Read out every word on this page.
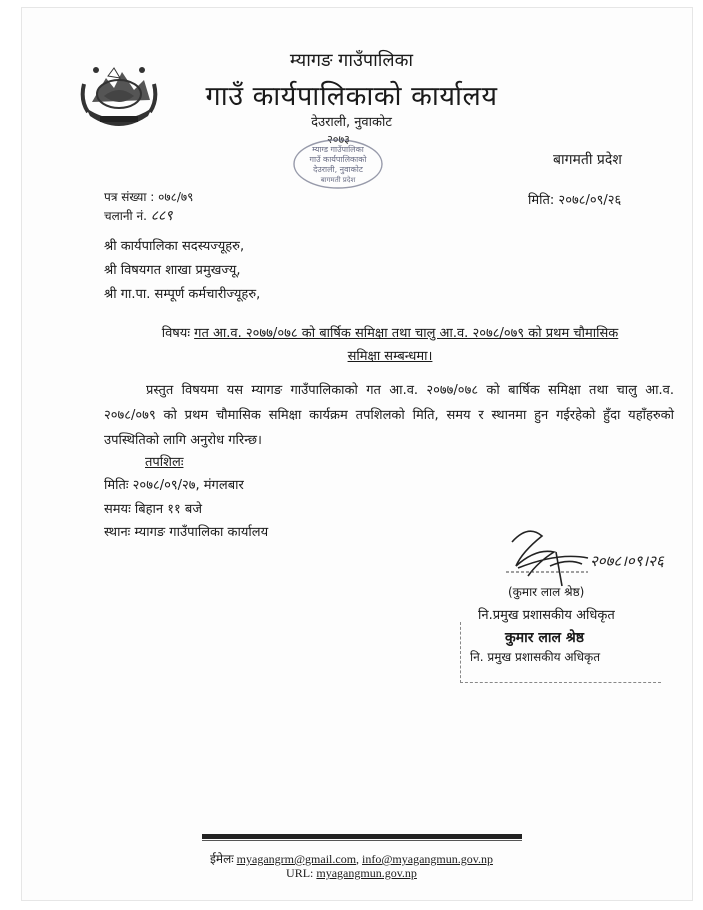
म्यागङ गाउँपालिका
गाउँ कार्यपालिकाको कार्यालय
देउराली, नुवाकोट
२०७३
म्याग्ड गाउँपालिका
गाउँ कार्यपालिकाको
देउराली, नुवाकोट
बागमती प्रदेश
बागमती प्रदेश
पत्र संख्या : ०७८/७९
चलानी नं. ८८९
मिति: २०७८/०९/२६
श्री कार्यपालिका सदस्यज्यूहरु,
श्री विषयगत शाखा प्रमुखज्यू,
श्री गा.पा. सम्पूर्ण कर्मचारीज्यूहरु,
विषयः गत आ.व. २०७७/०७८ को बार्षिक समिक्षा तथा चालु आ.व. २०७८/०७९ को प्रथम चौमासिक
समिक्षा सम्बन्धमा।
प्रस्तुत विषयमा यस म्यागङ गाउँपालिकाको गत आ.व. २०७७/०७८ को बार्षिक समिक्षा तथा चालु आ.व. २०७८/०७९ को प्रथम चौमासिक समिक्षा कार्यक्रम तपशिलको मिति, समय र स्थानमा हुन गईरहेको हुँदा यहाँहरुको उपस्थितिको लागि अनुरोध गरिन्छ।
तपशिलः
मितिः २०७८/०९/२७, मंगलबार
समयः बिहान ११ बजे
स्थानः म्यागङ गाउँपालिका कार्यालय
२०७८।०९।२६
(कुमार लाल श्रेष्ठ)
नि.प्रमुख प्रशासकीय अधिकृत
कुमार लाल श्रेष्ठ
नि. प्रमुख प्रशासकीय अधिकृत
ईमेलः myagangrm@gmail.com, info@myagangmun.gov.np
URL: myagangmun.gov.np
